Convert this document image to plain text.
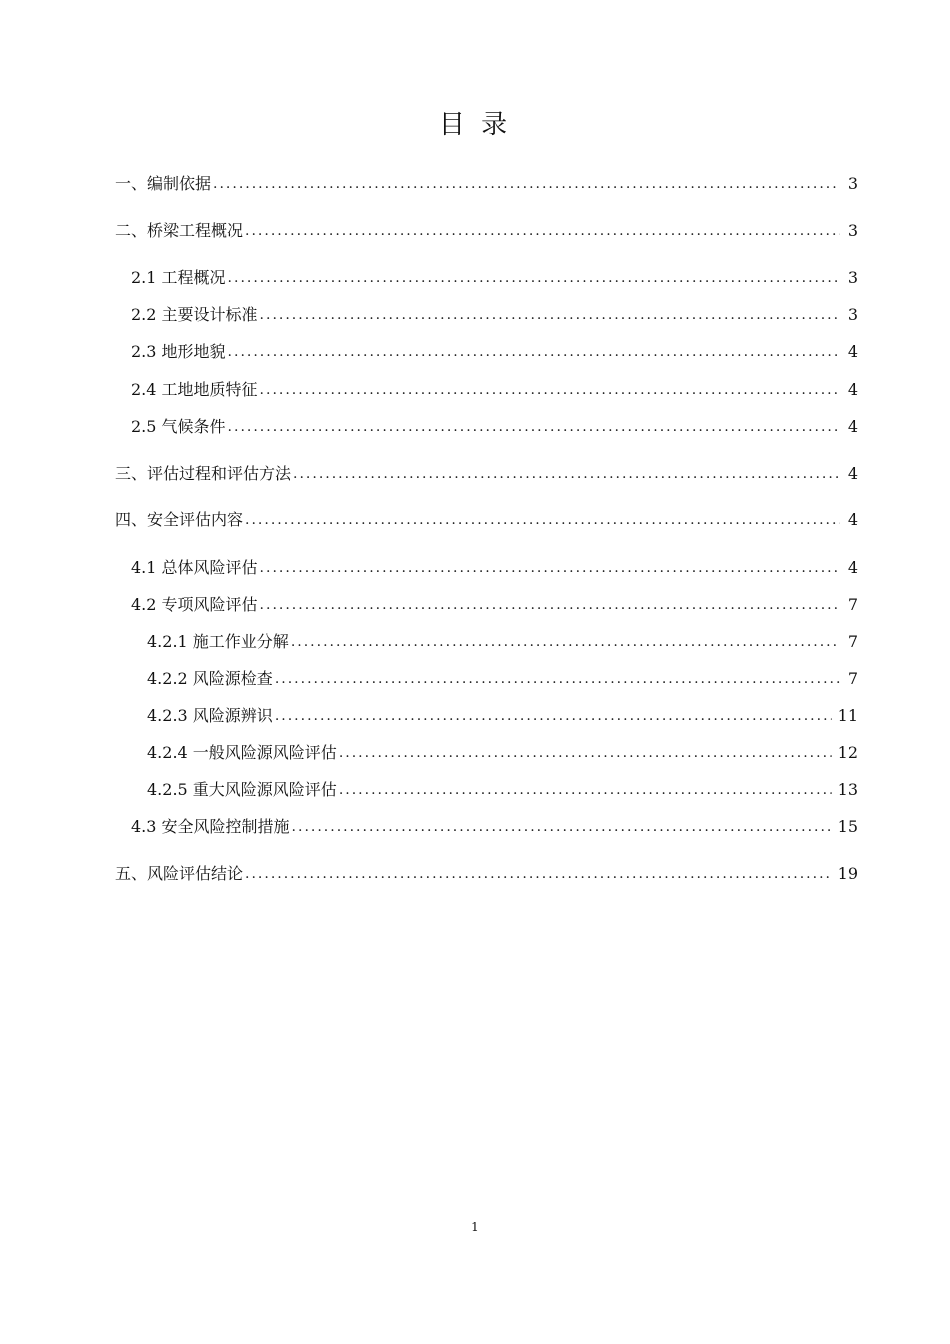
目 录
一、编制依据 .....	3
二、桥梁工程概况 .....	3
2.1 工程概况 .....	3
2.2 主要设计标准 .....	3
2.3 地形地貌 .....	4
2.4 工地地质特征 .....	4
2.5 气候条件 .....	4
三、评估过程和评估方法 .....	4
四、安全评估内容 .....	4
4.1 总体风险评估 .....	4
4.2 专项风险评估 .....	7
4.2.1 施工作业分解 .....	7
4.2.2 风险源检查 .....	7
4.2.3 风险源辨识 .....	11
4.2.4 一般风险源风险评估 .....	12
4.2.5 重大风险源风险评估 .....	13
4.3 安全风险控制措施 .....	15
五、风险评估结论 .....	19
1
